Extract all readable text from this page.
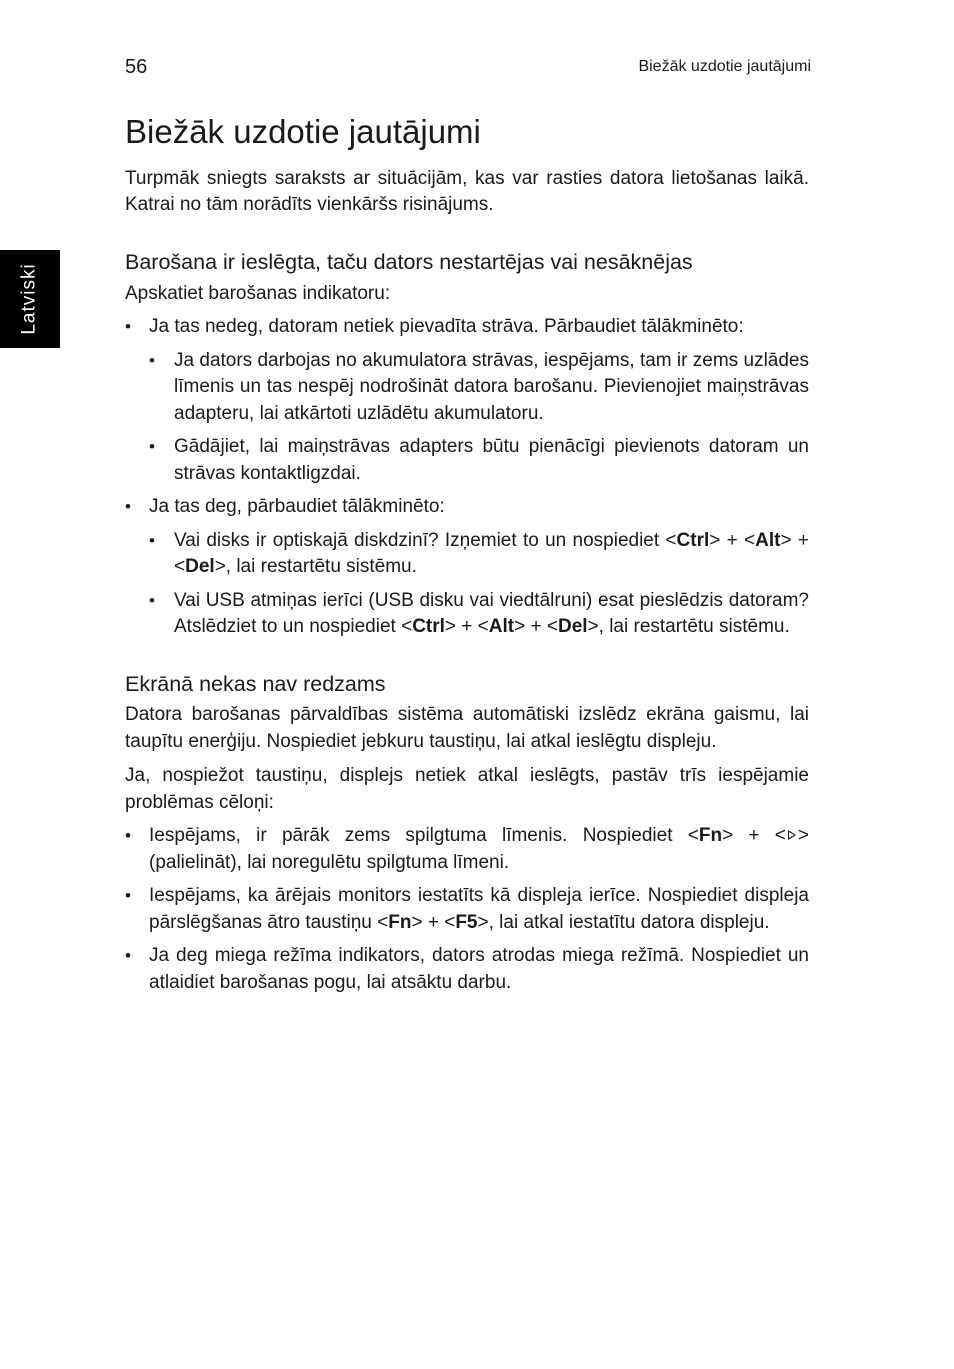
56	Biežāk uzdotie jautājumi
Latviski
Biežāk uzdotie jautājumi

Turpmāk sniegts saraksts ar situācijām, kas var rasties datora lietošanas laikā. Katrai no tām norādīts vienkāršs risinājums.

Barošana ir ieslēgta, taču dators nestartējas vai nesāknējas

Apskatiet barošanas indikatoru:

• Ja tas nedeg, datoram netiek pievadīta strāva. Pārbaudiet tālākminēto:
• Ja dators darbojas no akumulatora strāvas, iespējams, tam ir zems uzlādes līmenis un tas nespēj nodrošināt datora barošanu. Pievienojiet maiņstrāvas adapteru, lai atkārtoti uzlādētu akumulatoru.
• Gādājiet, lai maiņstrāvas adapters būtu pienācīgi pievienots datoram un strāvas kontaktligzdai.
• Ja tas deg, pārbaudiet tālākminēto:
• Vai disks ir optiskajā diskdzinī? Izņemiet to un nospiediet <Ctrl> + <Alt> + <Del>, lai restartētu sistēmu.
• Vai USB atmiņas ierīci (USB disku vai viedtālruni) esat pieslēdzis datoram? Atslēdziet to un nospiediet <Ctrl> + <Alt> + <Del>, lai restartētu sistēmu.
Ekrānā nekas nav redzams

Datora barošanas pārvaldības sistēma automātiski izslēdz ekrāna gaismu, lai taupītu enerģiju. Nospiediet jebkuru taustiņu, lai atkal ieslēgtu displeju.

Ja, nospiežot taustiņu, displejs netiek atkal ieslēgts, pastāv trīs iespējamie problēmas cēloņi:

• Iespējams, ir pārāk zems spilgtuma līmenis. Nospiediet <Fn> + < > (palielināt), lai noregulētu spilgtuma līmeni.
• Iespējams, ka ārējais monitors iestatīts kā displeja ierīce. Nospiediet displeja pārslēgšanas ātro taustiņu <Fn> + <F5>, lai atkal iestatītu datora displeju.
• Ja deg miega režīma indikators, dators atrodas miega režīmā. Nospiediet un atlaidiet barošanas pogu, lai atsāktu darbu.
